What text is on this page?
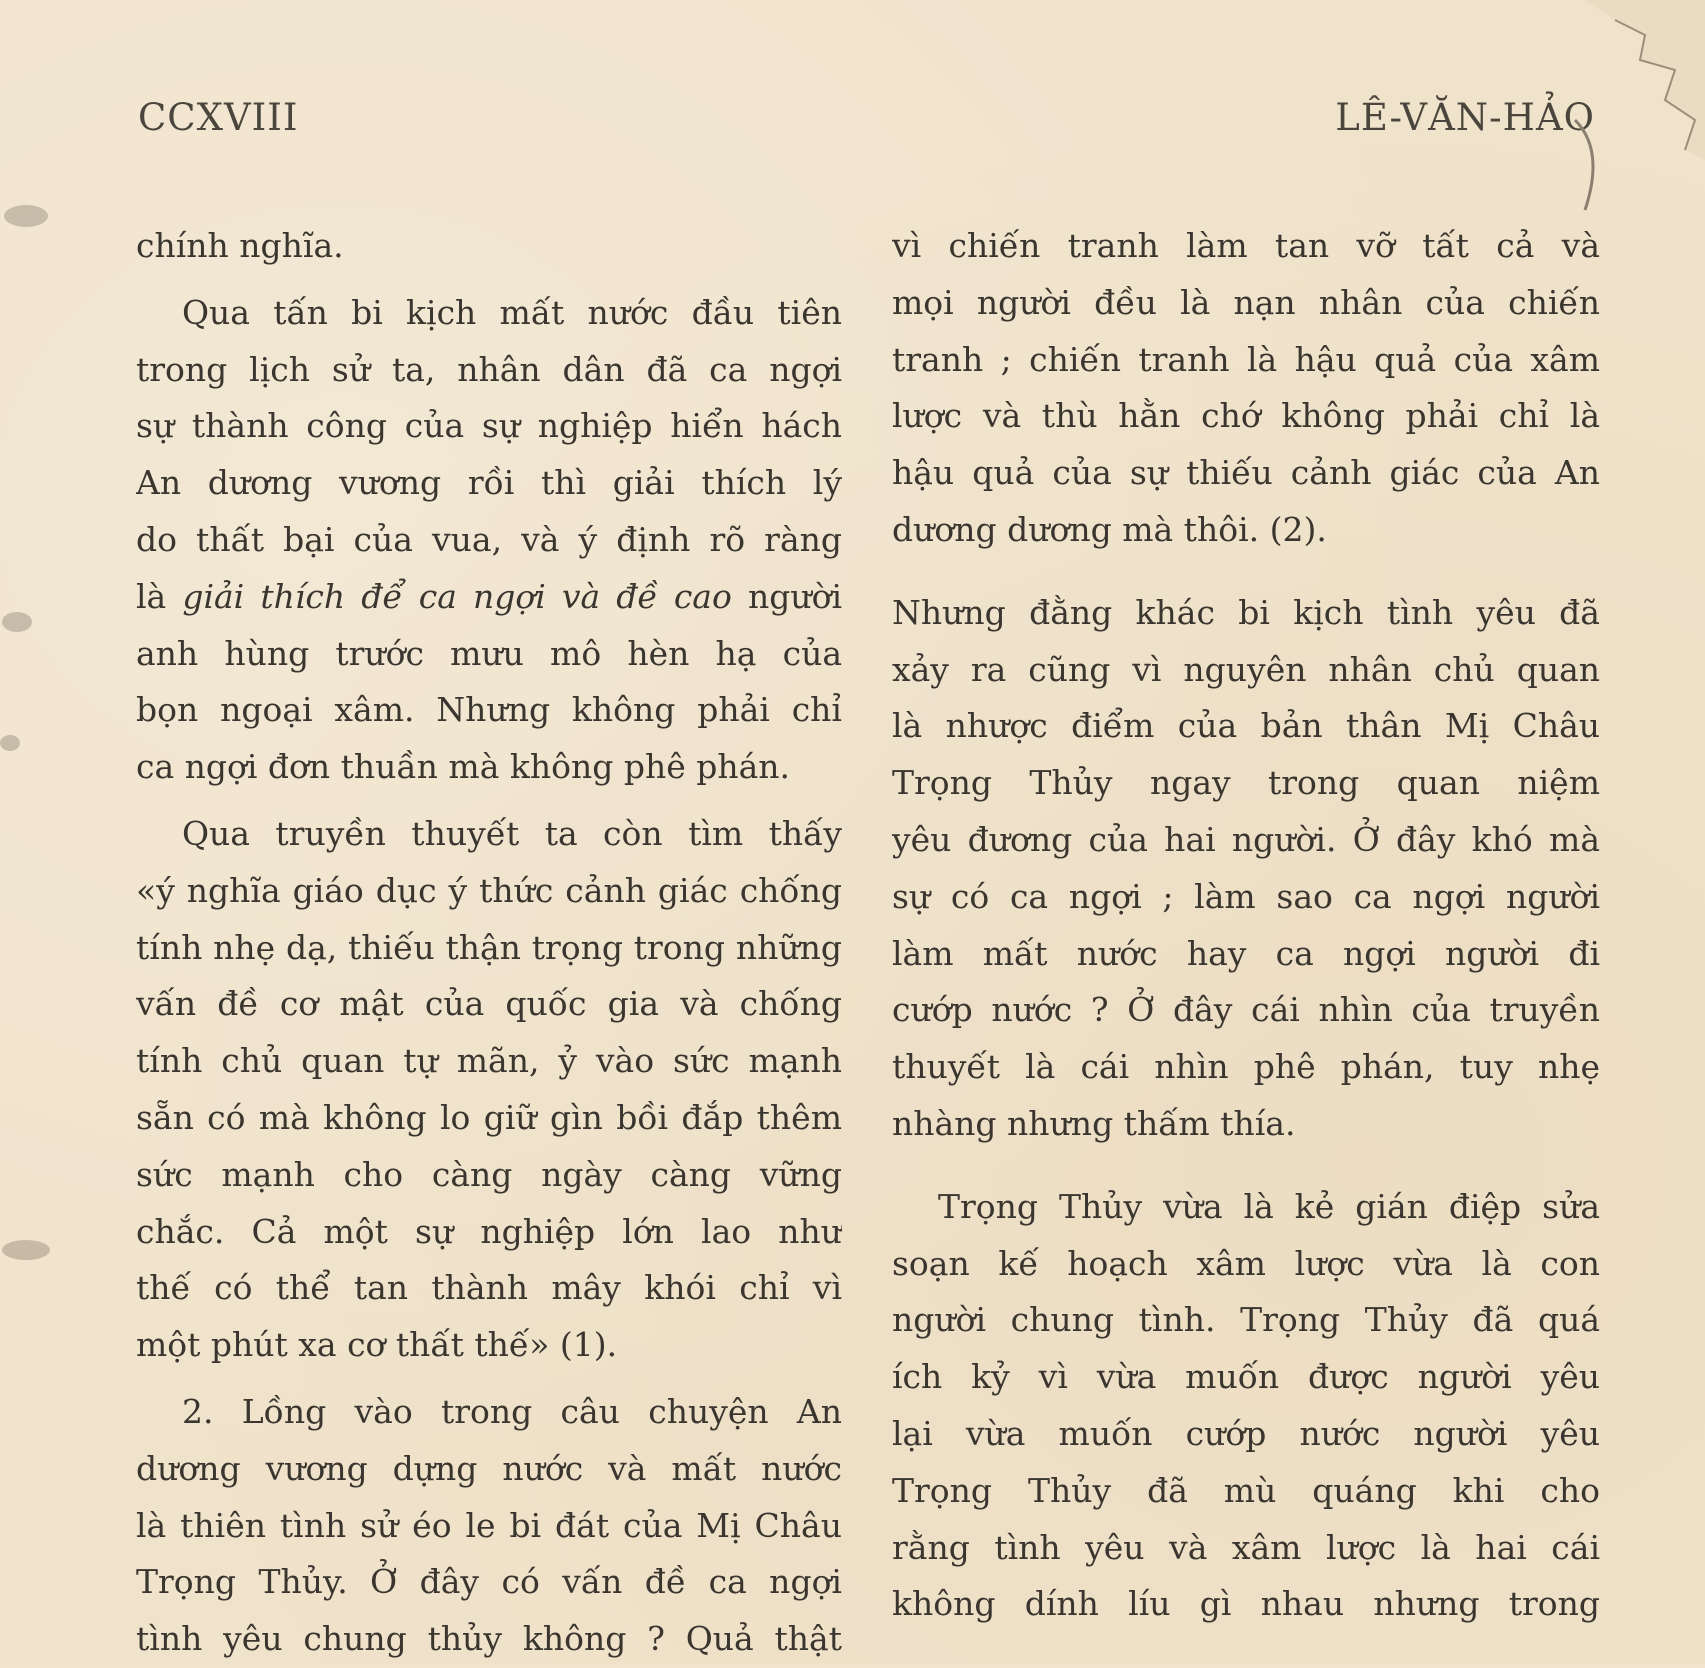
CCXVIII	LÊ-VĂN-HẢO
chính nghĩa.
Qua tấn bi kịch mất nước đầu tiên
trong lịch sử ta, nhân dân đã ca ngợi
sự thành công của sự nghiệp hiển hách
An dương vương rồi thì giải thích lý
do thất bại của vua, và ý định rõ ràng
là giải thích để ca ngợi và đề cao người
anh hùng trước mưu mô hèn hạ của
bọn ngoại xâm. Nhưng không phải chỉ
ca ngợi đơn thuần mà không phê phán.
Qua truyền thuyết ta còn tìm thấy
«ý nghĩa giáo dục ý thức cảnh giác chống
tính nhẹ dạ, thiếu thận trọng trong những
vấn đề cơ mật của quốc gia và chống
tính chủ quan tự mãn, ỷ vào sức mạnh
sẵn có mà không lo giữ gìn bồi đắp thêm
sức mạnh cho càng ngày càng vững
chắc. Cả một sự nghiệp lớn lao như
thế có thể tan thành mây khói chỉ vì
một phút xa cơ thất thế» (1).
2. Lồng vào trong câu chuyện An
dương vương dựng nước và mất nước
là thiên tình sử éo le bi đát của Mị Châu
Trọng Thủy. Ở đây có vấn đề ca ngợi
tình yêu chung thủy không ? Quả thật
vì chiến tranh làm tan vỡ tất cả và
mọi người đều là nạn nhân của chiến
tranh ; chiến tranh là hậu quả của xâm
lược và thù hằn chớ không phải chỉ là
hậu quả của sự thiếu cảnh giác của An
dương dương mà thôi. (2).
Nhưng đằng khác bi kịch tình yêu đã
xảy ra cũng vì nguyên nhân chủ quan
là nhược điểm của bản thân Mị Châu
Trọng Thủy ngay trong quan niệm
yêu đương của hai người. Ở đây khó mà
sự có ca ngợi ; làm sao ca ngợi người
làm mất nước hay ca ngợi người đi
cướp nước ? Ở đây cái nhìn của truyền
thuyết là cái nhìn phê phán, tuy nhẹ
nhàng nhưng thấm thía.
Trọng Thủy vừa là kẻ gián điệp sửa
soạn kế hoạch xâm lược vừa là con
người chung tình. Trọng Thủy đã quá
ích kỷ vì vừa muốn được người yêu
lại vừa muốn cướp nước người yêu
Trọng Thủy đã mù quáng khi cho
rằng tình yêu và xâm lược là hai cái
không dính líu gì nhau nhưng trong
